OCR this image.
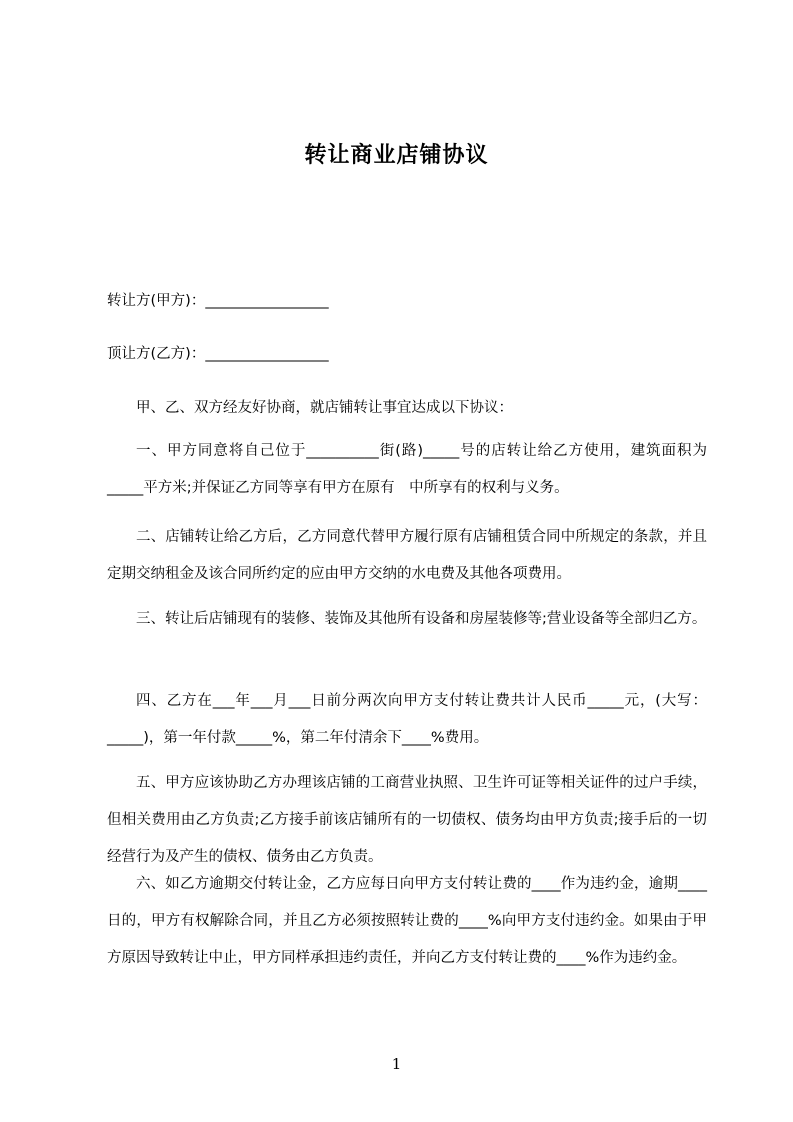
转让商业店铺协议
转让方(甲方)：_________________
顶让方(乙方)：_________________
甲、乙、双方经友好协商，就店铺转让事宜达成以下协议：

一、甲方同意将自己位于__________街(路)_____号的店转让给乙方使用，建筑面积为_____平方米;并保证乙方同等享有甲方在原有　中所享有的权利与义务。

二、店铺转让给乙方后，乙方同意代替甲方履行原有店铺租赁合同中所规定的条款，并且定期交纳租金及该合同所约定的应由甲方交纳的水电费及其他各项费用。

三、转让后店铺现有的装修、装饰及其他所有设备和房屋装修等;营业设备等全部归乙方。

四、乙方在___年___月___日前分两次向甲方支付转让费共计人民币_____元，(大写：_____)，第一年付款_____%，第二年付清余下____%费用。

五、甲方应该协助乙方办理该店铺的工商营业执照、卫生许可证等相关证件的过户手续，但相关费用由乙方负责;乙方接手前该店铺所有的一切债权、债务均由甲方负责;接手后的一切经营行为及产生的债权、债务由乙方负责。

六、如乙方逾期交付转让金，乙方应每日向甲方支付转让费的____作为违约金，逾期____日的，甲方有权解除合同，并且乙方必须按照转让费的____%向甲方支付违约金。如果由于甲方原因导致转让中止，甲方同样承担违约责任，并向乙方支付转让费的____%作为违约金。

1
